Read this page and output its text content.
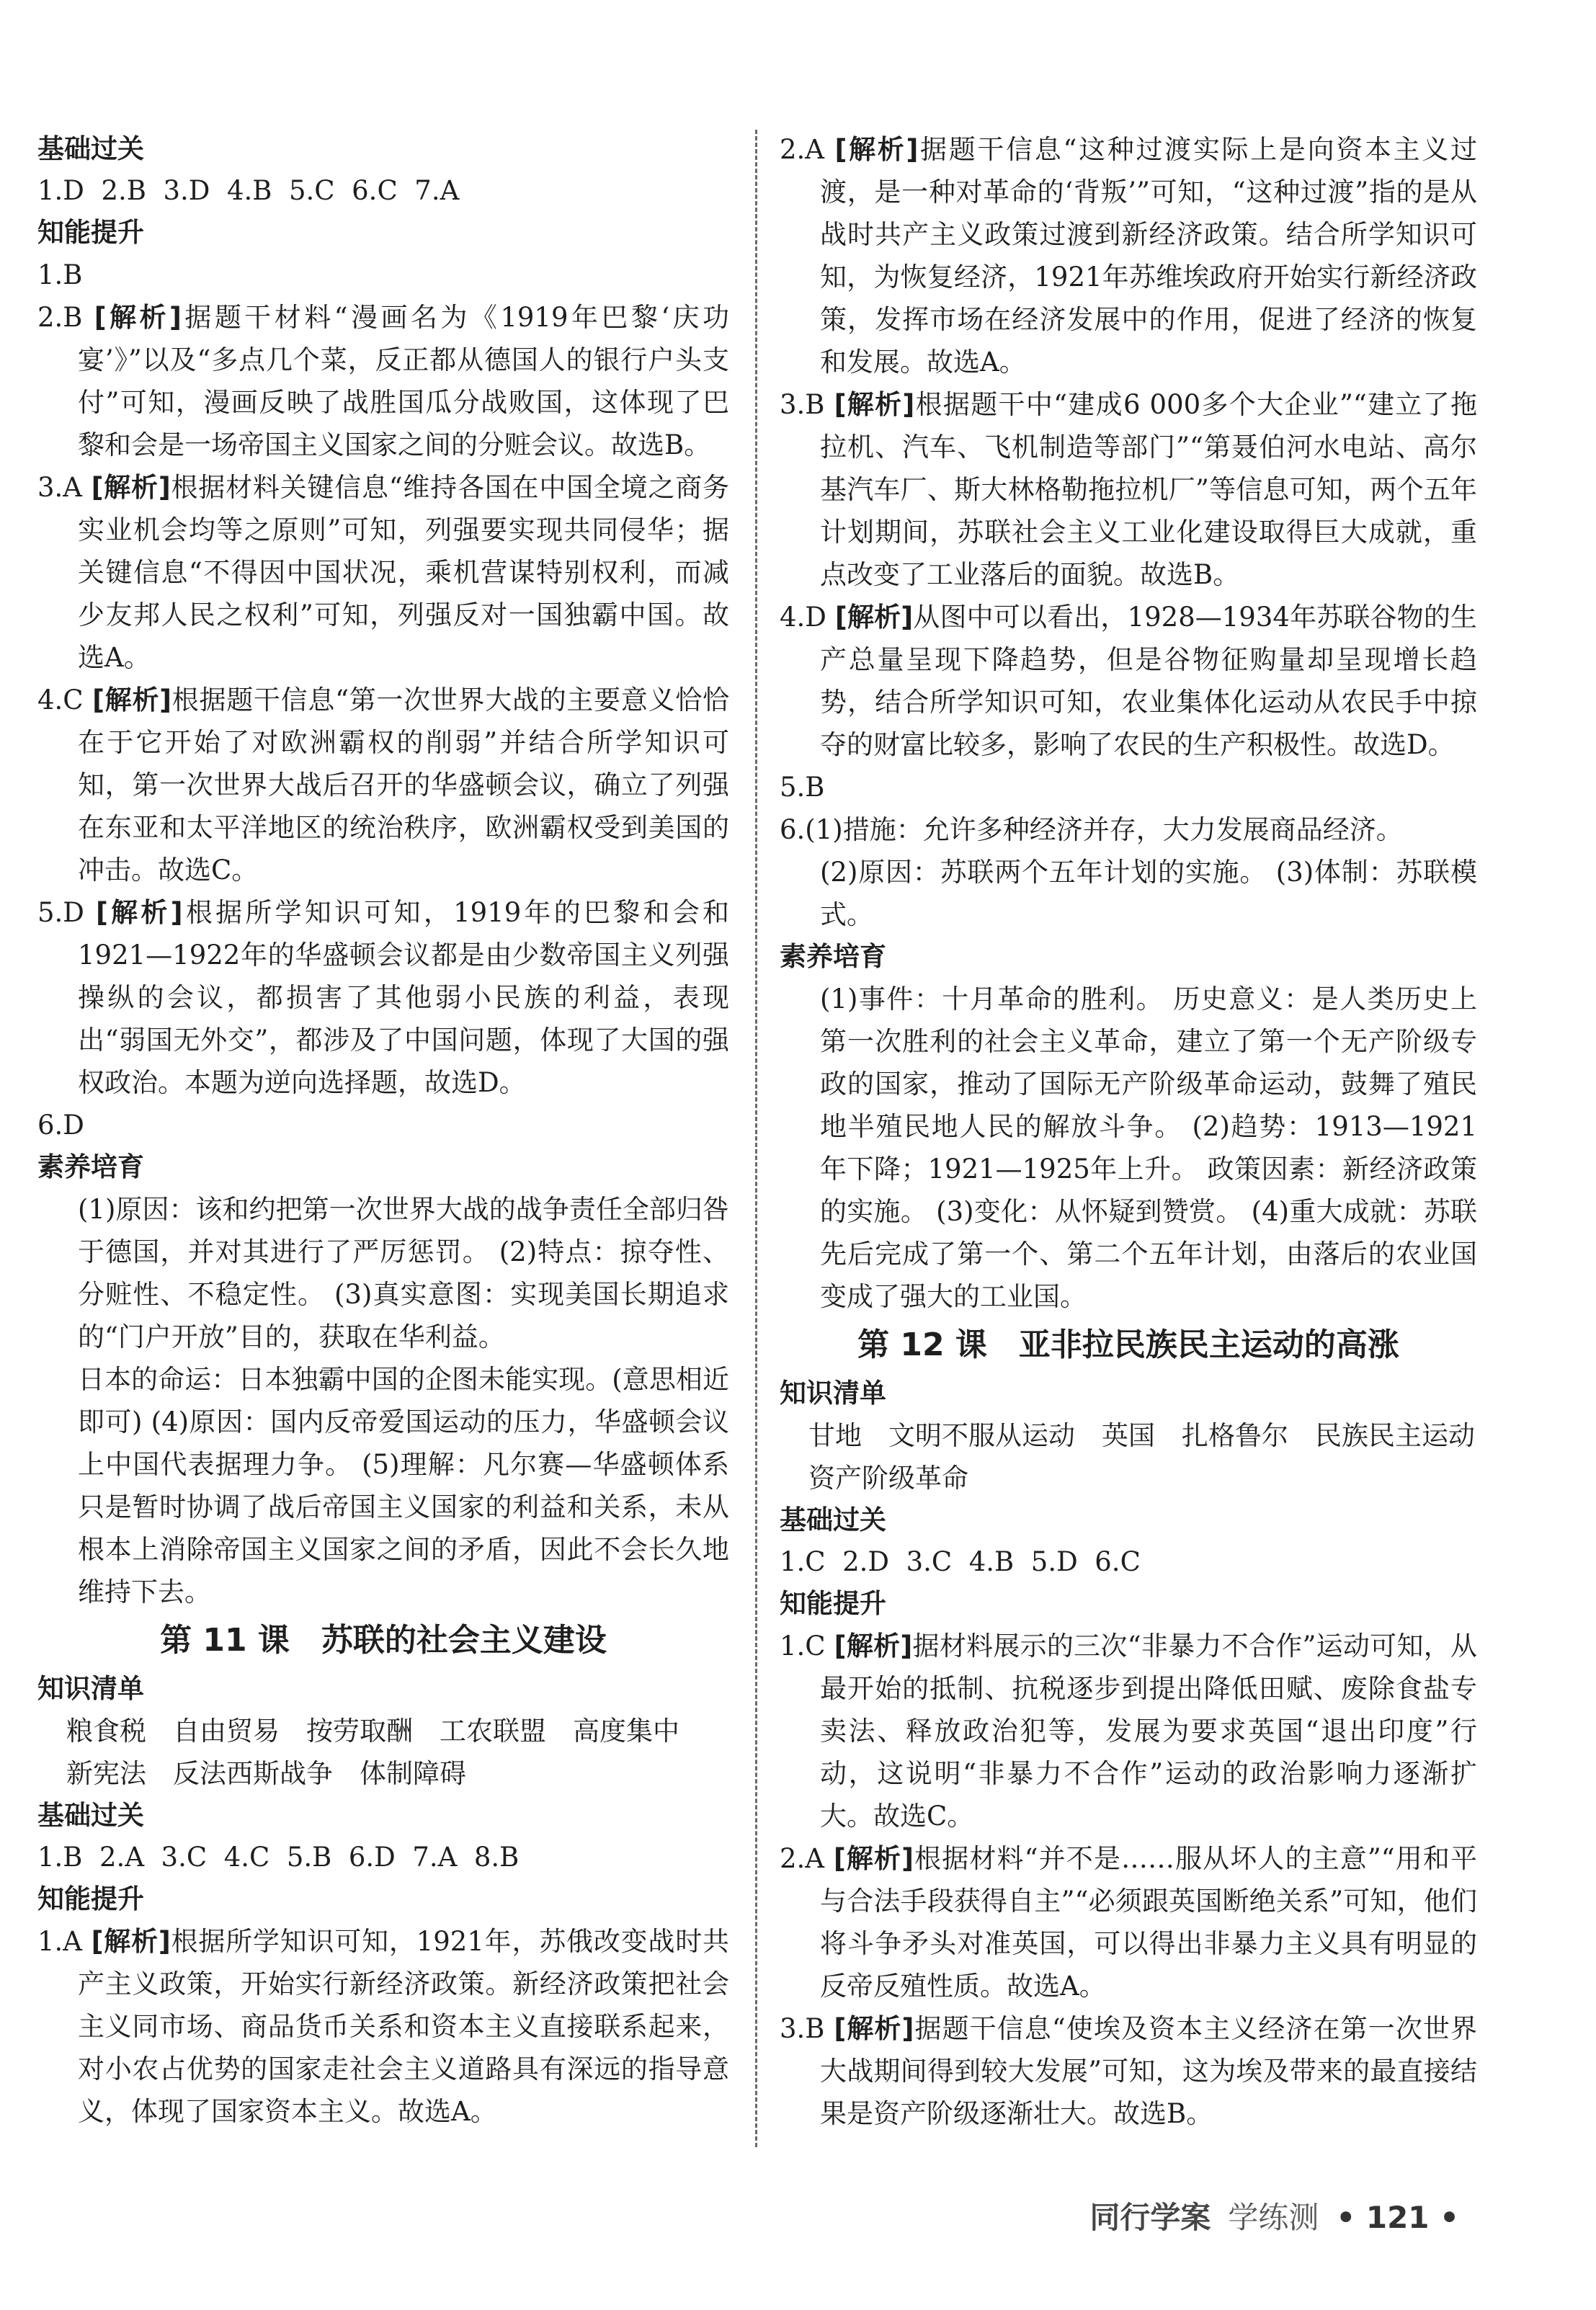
基础过关

1.D  2.B  3.D  4.B  5.C  6.C  7.A

知能提升

1.B

2.B [解析]据题干材料“漫画名为《1919年巴黎‘庆功宴’》”以及“多点几个菜，反正都从德国人的银行户头支付”可知，漫画反映了战胜国瓜分战败国，这体现了巴黎和会是一场帝国主义国家之间的分赃会议。故选B。

3.A [解析]根据材料关键信息“维持各国在中国全境之商务实业机会均等之原则”可知，列强要实现共同侵华；据关键信息“不得因中国状况，乘机营谋特别权利，而减少友邦人民之权利”可知，列强反对一国独霸中国。故选A。

4.C [解析]根据题干信息“第一次世界大战的主要意义恰恰在于它开始了对欧洲霸权的削弱”并结合所学知识可知，第一次世界大战后召开的华盛顿会议，确立了列强在东亚和太平洋地区的统治秩序，欧洲霸权受到美国的冲击。故选C。

5.D [解析]根据所学知识可知，1919年的巴黎和会和1921—1922年的华盛顿会议都是由少数帝国主义列强操纵的会议，都损害了其他弱小民族的利益，表现出“弱国无外交”，都涉及了中国问题，体现了大国的强权政治。本题为逆向选择题，故选D。

6.D

素养培育

(1)原因：该和约把第一次世界大战的战争责任全部归咎于德国，并对其进行了严厉惩罚。 (2)特点：掠夺性、分赃性、不稳定性。 (3)真实意图：实现美国长期追求的“门户开放”目的，获取在华利益。

日本的命运：日本独霸中国的企图未能实现。(意思相近即可) (4)原因：国内反帝爱国运动的压力，华盛顿会议上中国代表据理力争。 (5)理解：凡尔赛—华盛顿体系只是暂时协调了战后帝国主义国家的利益和关系，未从根本上消除帝国主义国家之间的矛盾，因此不会长久地维持下去。

第 11 课　苏联的社会主义建设

知识清单

粮食税　自由贸易　按劳取酬　工农联盟　高度集中　新宪法　反法西斯战争　体制障碍

基础过关

1.B  2.A  3.C  4.C  5.B  6.D  7.A  8.B

知能提升

1.A [解析]根据所学知识可知，1921年，苏俄改变战时共产主义政策，开始实行新经济政策。新经济政策把社会主义同市场、商品货币关系和资本主义直接联系起来，对小农占优势的国家走社会主义道路具有深远的指导意义，体现了国家资本主义。故选A。

2.A [解析]据题干信息“这种过渡实际上是向资本主义过渡，是一种对革命的‘背叛’”可知，“这种过渡”指的是从战时共产主义政策过渡到新经济政策。结合所学知识可知，为恢复经济，1921年苏维埃政府开始实行新经济政策，发挥市场在经济发展中的作用，促进了经济的恢复和发展。故选A。

3.B [解析]根据题干中“建成6 000多个大企业”“建立了拖拉机、汽车、飞机制造等部门”“第聂伯河水电站、高尔基汽车厂、斯大林格勒拖拉机厂”等信息可知，两个五年计划期间，苏联社会主义工业化建设取得巨大成就，重点改变了工业落后的面貌。故选B。

4.D [解析]从图中可以看出，1928—1934年苏联谷物的生产总量呈现下降趋势，但是谷物征购量却呈现增长趋势，结合所学知识可知，农业集体化运动从农民手中掠夺的财富比较多，影响了农民的生产积极性。故选D。

5.B

6.(1)措施：允许多种经济并存，大力发展商品经济。

(2)原因：苏联两个五年计划的实施。 (3)体制：苏联模式。

素养培育

(1)事件：十月革命的胜利。 历史意义：是人类历史上第一次胜利的社会主义革命，建立了第一个无产阶级专政的国家，推动了国际无产阶级革命运动，鼓舞了殖民地半殖民地人民的解放斗争。 (2)趋势：1913—1921年下降；1921—1925年上升。 政策因素：新经济政策的实施。 (3)变化：从怀疑到赞赏。 (4)重大成就：苏联先后完成了第一个、第二个五年计划，由落后的农业国变成了强大的工业国。

第 12 课　亚非拉民族民主运动的高涨

知识清单

甘地　文明不服从运动　英国　扎格鲁尔　民族民主运动　资产阶级革命

基础过关

1.C  2.D  3.C  4.B  5.D  6.C

知能提升

1.C [解析]据材料展示的三次“非暴力不合作”运动可知，从最开始的抵制、抗税逐步到提出降低田赋、废除食盐专卖法、释放政治犯等，发展为要求英国“退出印度”行动，这说明“非暴力不合作”运动的政治影响力逐渐扩大。故选C。

2.A [解析]根据材料“并不是……服从坏人的主意”“用和平与合法手段获得自主”“必须跟英国断绝关系”可知，他们将斗争矛头对准英国，可以得出非暴力主义具有明显的反帝反殖性质。故选A。

3.B [解析]据题干信息“使埃及资本主义经济在第一次世界大战期间得到较大发展”可知，这为埃及带来的最直接结果是资产阶级逐渐壮大。故选B。

同行学案 学练测 • 121 •
